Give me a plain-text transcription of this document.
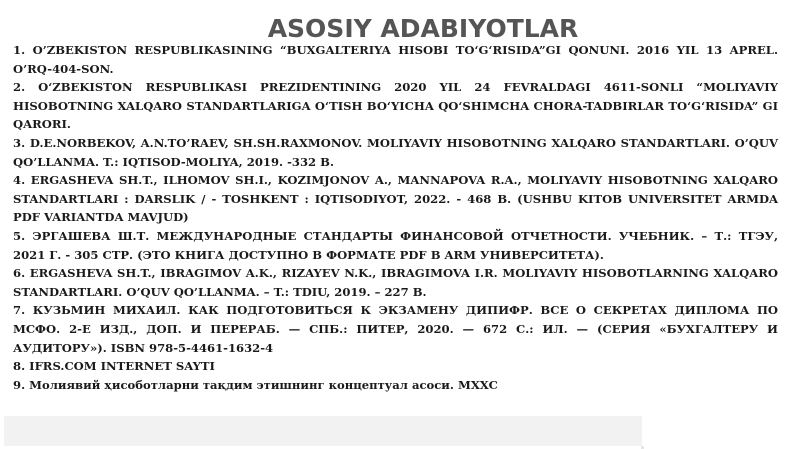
ASOSIY ADABIYOTLAR
1. O’ZBEKISTON RESPUBLIKASINING “BUXGALTERIYA HISOBI TO‘G‘RISIDA”GI QONUNI. 2016 YIL 13 APREL. O’RQ-404-SON.
2. O‘ZBEKISTON RESPUBLIKASI PREZIDENTINING 2020 YIL 24 FEVRALDAGI 4611-SONLI “MOLIYAVIY HISOBOTNING XALQARO STANDARTLARIGA O‘TISH BO‘YICHA QO‘SHIMCHA CHORA-TADBIRLAR TO‘G‘RISIDA” GI QARORI.
3. D.E.NORBEKOV, A.N.TO’RAEV, SH.SH.RAXMONOV. MOLIYAVIY HISOBOTNING XALQARO STANDARTLARI. O’QUV QO’LLANMA. T.: IQTISOD-MOLIYA, 2019. -332 B.
4. ERGASHEVA SH.T., ILHOMOV SH.I., KOZIMJONOV A., MANNAPOVA R.A., MOLIYAVIY HISOBOTNING XALQARO STANDARTLARI : DARSLIK / - TOSHKENT : IQTISODIYOT, 2022. - 468 B. (USHBU KITOB UNIVERSITET ARMDA PDF VARIANTDA MAVJUD)
5. ЭРГАШЕВА Ш.Т. МЕЖДУНАРОДНЫЕ СТАНДАРТЫ ФИНАНСОВОЙ ОТЧЕТНОСТИ. УЧЕБНИК. – Т.: ТГЭУ, 2021 Г. - 305 СТР. (ЭТО КНИГА ДОСТУПНО В ФОРМАТЕ PDF В ARM УНИВЕРСИТЕТА).
6. ERGASHEVA SH.T., IBRAGIMOV A.K., RIZAYEV N.K., IBRAGIMOVA I.R. MOLIYAVIY HISOBOTLARNING XALQARO STANDARTLARI. O’QUV QO’LLANMA. – T.: TDIU, 2019. – 227 B.
7. КУЗЬМИН МИХАИЛ. КАК ПОДГОТОВИТЬСЯ К ЭКЗАМЕНУ ДИПИФР. ВСЕ О СЕКРЕТАХ ДИПЛОМА ПО МСФО. 2-Е ИЗД., ДОП. И ПЕРЕРАБ. — СПБ.: ПИТЕР, 2020. — 672 С.: ИЛ. — (СЕРИЯ «БУХГАЛТЕРУ И АУДИТОРУ»). ISBN 978-5-4461-1632-4
8. IFRS.COM INTERNET SAYTI
9. Молиявий ҳисоботларни тақдим этишнинг концептуал асоси. MXXC
